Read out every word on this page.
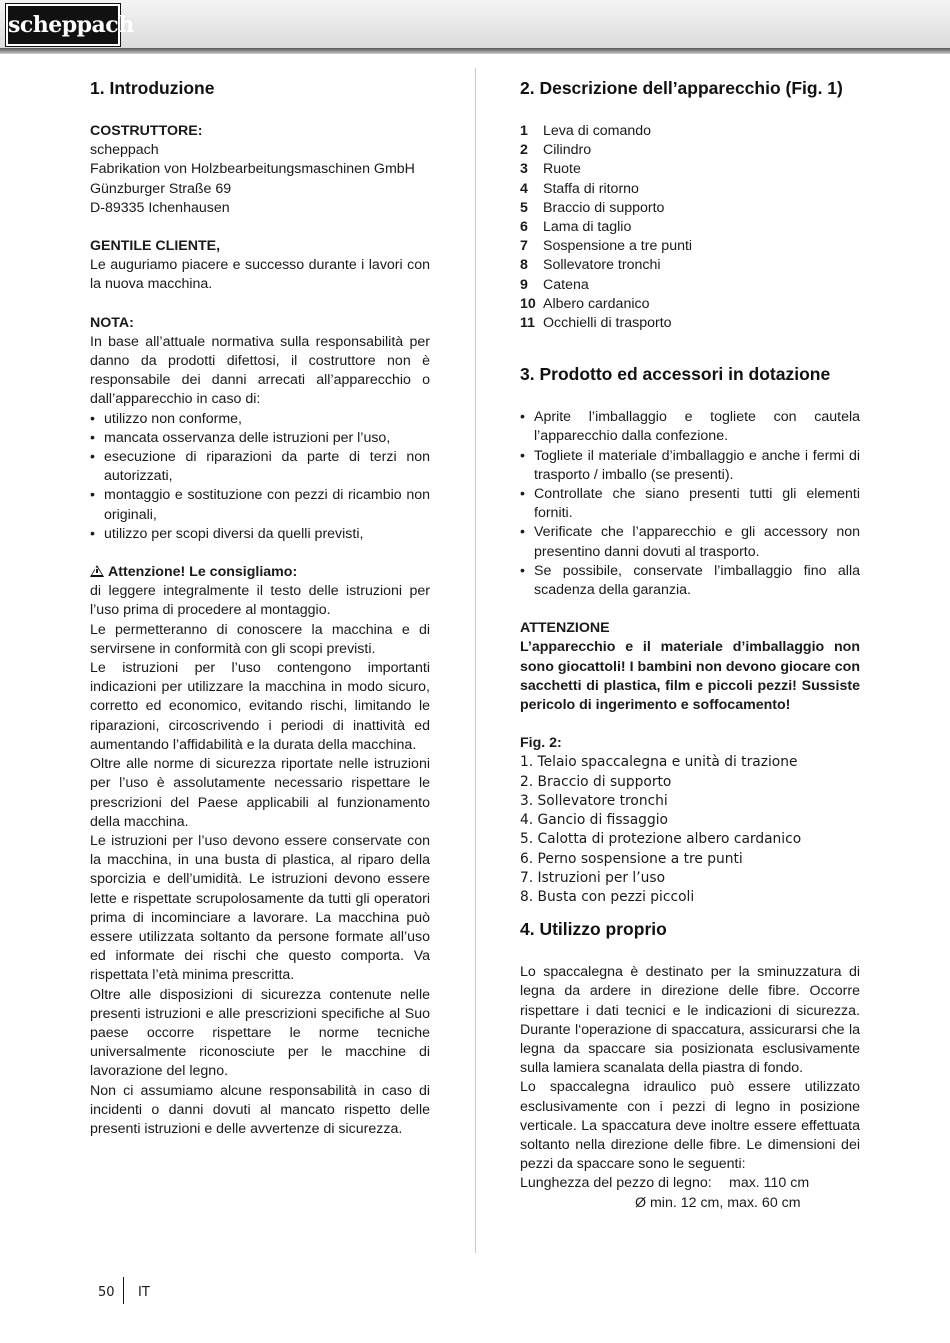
scheppach
1. Introduzione

COSTRUTTORE:

scheppach
Fabrikation von Holzbearbeitungsmaschinen GmbH
Günzburger Straße 69
D-89335 Ichenhausen

GENTILE CLIENTE,

Le auguriamo piacere e successo durante i lavori con la nuova macchina.

NOTA:

In base all’attuale normativa sulla responsabilità per danno da prodotti difettosi, il costruttore non è responsabile dei danni arrecati all’apparecchio o dall’apparecchio in caso di:

• utilizzo non conforme,
• mancata osservanza delle istruzioni per l’uso,
• esecuzione di riparazioni da parte di terzi non autorizzati,
• montaggio e sostituzione con pezzi di ricambio non originali,
• utilizzo per scopi diversi da quelli previsti,

!Attenzione! Le consigliamo:

di leggere integralmente il testo delle istruzioni per l’uso prima di procedere al montaggio.

Le permetteranno di conoscere la macchina e di servirsene in conformità con gli scopi previsti.

Le istruzioni per l’uso contengono importanti indicazioni per utilizzare la macchina in modo sicuro, corretto ed economico, evitando rischi, limitando le riparazioni, circoscrivendo i periodi di inattività ed aumentando l’affidabilità e la durata della macchina.

Oltre alle norme di sicurezza riportate nelle istruzioni per l’uso è assolutamente necessario rispettare le prescrizioni del Paese applicabili al funzionamento della macchina.

Le istruzioni per l’uso devono essere conservate con la macchina, in una busta di plastica, al riparo della sporcizia e dell’umidità. Le istruzioni devono essere lette e rispettate scrupolosamente da tutti gli operatori prima di incominciare a lavorare. La macchina può essere utilizzata soltanto da persone formate all’uso ed informate dei rischi che questo comporta. Va rispettata l’età minima prescritta.

Oltre alle disposizioni di sicurezza contenute nelle presenti istruzioni e alle prescrizioni specifiche al Suo paese occorre rispettare le norme tecniche universalmente riconosciute per le macchine di lavorazione del legno.

Non ci assumiamo alcune responsabilità in caso di incidenti o danni dovuti al mancato rispetto delle presenti istruzioni e delle avvertenze di sicurezza.

2. Descrizione dell’apparecchio (Fig. 1)
1	Leva di comando
2	Cilindro
3	Ruote
4	Staffa di ritorno
5	Braccio di supporto
6	Lama di taglio
7	Sospensione a tre punti
8	Sollevatore tronchi
9	Catena
10 Albero cardanico
11 Occhielli di trasporto
3. Prodotto ed accessori in dotazione
• Aprite l’imballaggio e togliete con cautela l’apparecchio dalla confezione.
• Togliete il materiale d’imballaggio e anche i fermi di trasporto / imballo (se presenti).
• Controllate che siano presenti tutti gli elementi forniti.
• Verificate che l’apparecchio e gli accessory non presentino danni dovuti al trasporto.
• Se possibile, conservate l’imballaggio fino alla scadenza della garanzia.

ATTENZIONE

L’apparecchio e il materiale d’imballaggio non sono giocattoli! I bambini non devono giocare con sacchetti di plastica, film e piccoli pezzi! Sussiste pericolo di ingerimento e soffocamento!

Fig. 2:

1. Telaio spaccalegna e unità di trazione
2. Braccio di supporto
3. Sollevatore tronchi
4. Gancio di fissaggio
5. Calotta di protezione albero cardanico
6. Perno sospensione a tre punti
7. Istruzioni per l’uso
8. Busta con pezzi piccoli
4. Utilizzo proprio

Lo spaccalegna è destinato per la sminuzzatura di legna da ardere in direzione delle fibre. Occorre rispettare i dati tecnici e le indicazioni di sicurezza. Durante l‘operazione di spaccatura, assicurarsi che la legna da spaccare sia posizionata esclusivamente sulla lamiera scanalata della piastra di fondo.

Lo spaccalegna idraulico può essere utilizzato esclusivamente con i pezzi di legno in posizione verticale. La spaccatura deve inoltre essere effettuata soltanto nella direzione delle fibre. Le dimensioni dei pezzi da spaccare sono le seguenti:

Lunghezza del pezzo di legno:	max. 110 cm
Ø min. 12 cm, max. 60 cm
50 IT
